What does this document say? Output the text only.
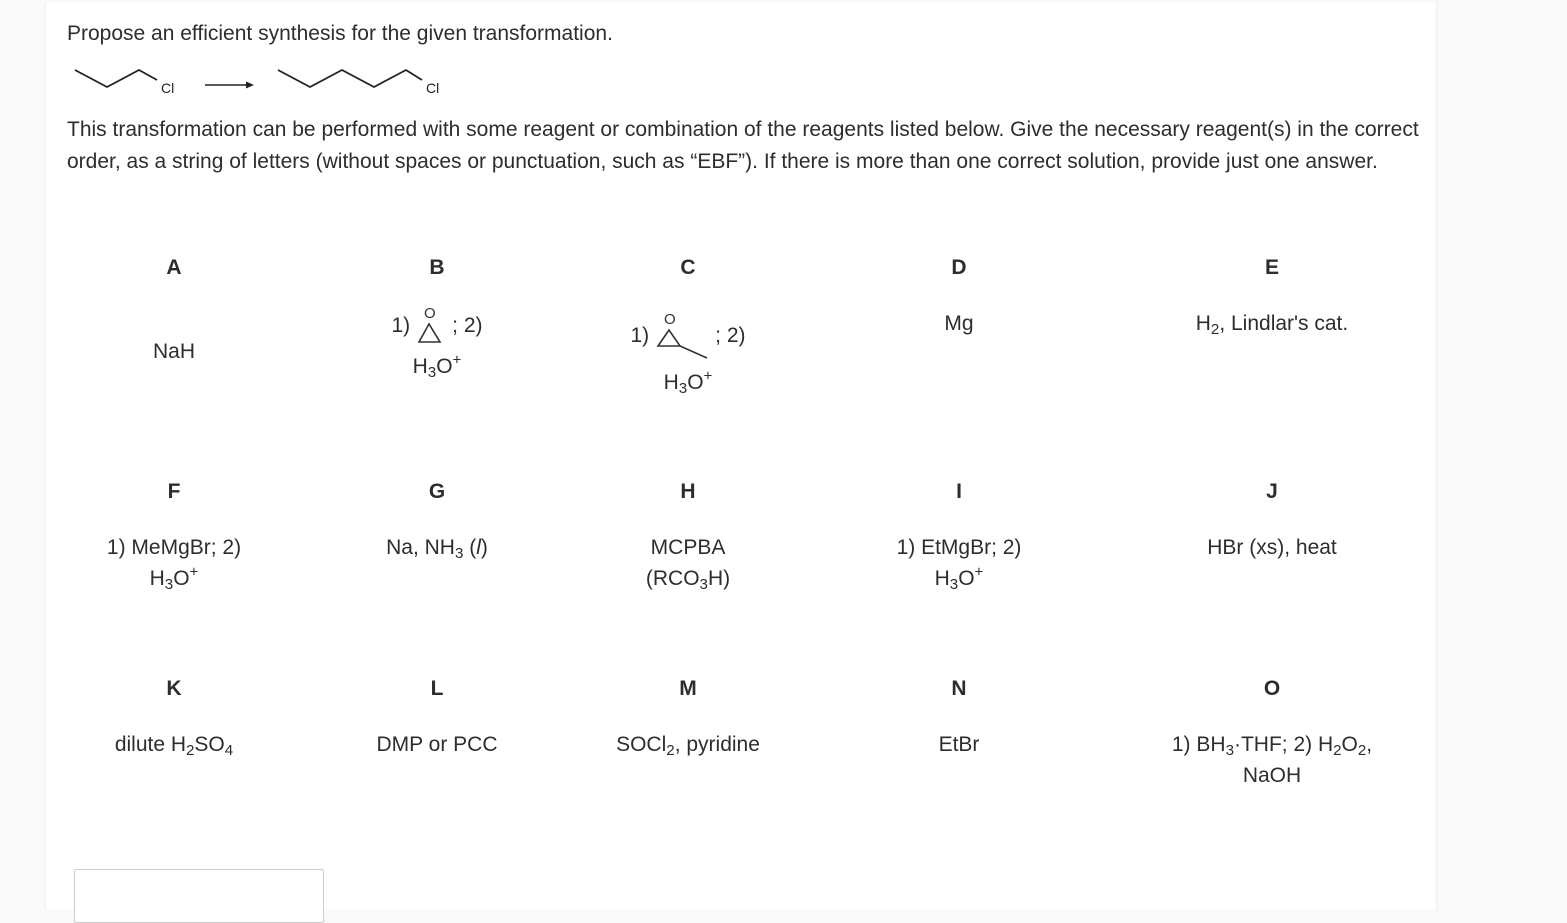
Propose an efficient synthesis for the given transformation.
Cl	Cl
This transformation can be performed with some reagent or combination of the reagents listed below. Give the necessary reagent(s) in the correct order, as a string of letters (without spaces or punctuation, such as “EBF”). If there is more than one correct solution, provide just one answer.
A
NaH
B
1) O ; 2)
$H_3O^+$
C
1)
O
; 2)
$H_3O^+$
D
Mg
E
$H_2$, Lindlar's cat.
F
1) MeMgBr; 2)
$H_3O^+$
G
Na, $NH_3$ (l)
H
MCPBA
$(RCO_3H)$
I
1) EtMgBr; 2)
$H_3O^+$
J
HBr (xs), heat
K
dilute $H_2SO_4$
L
DMP or PCC
M
SOCl$_2$, pyridine
N
EtBr
O
1) $BH_3\cdot THF$; 2) $H_2O_2$,
NaOH
